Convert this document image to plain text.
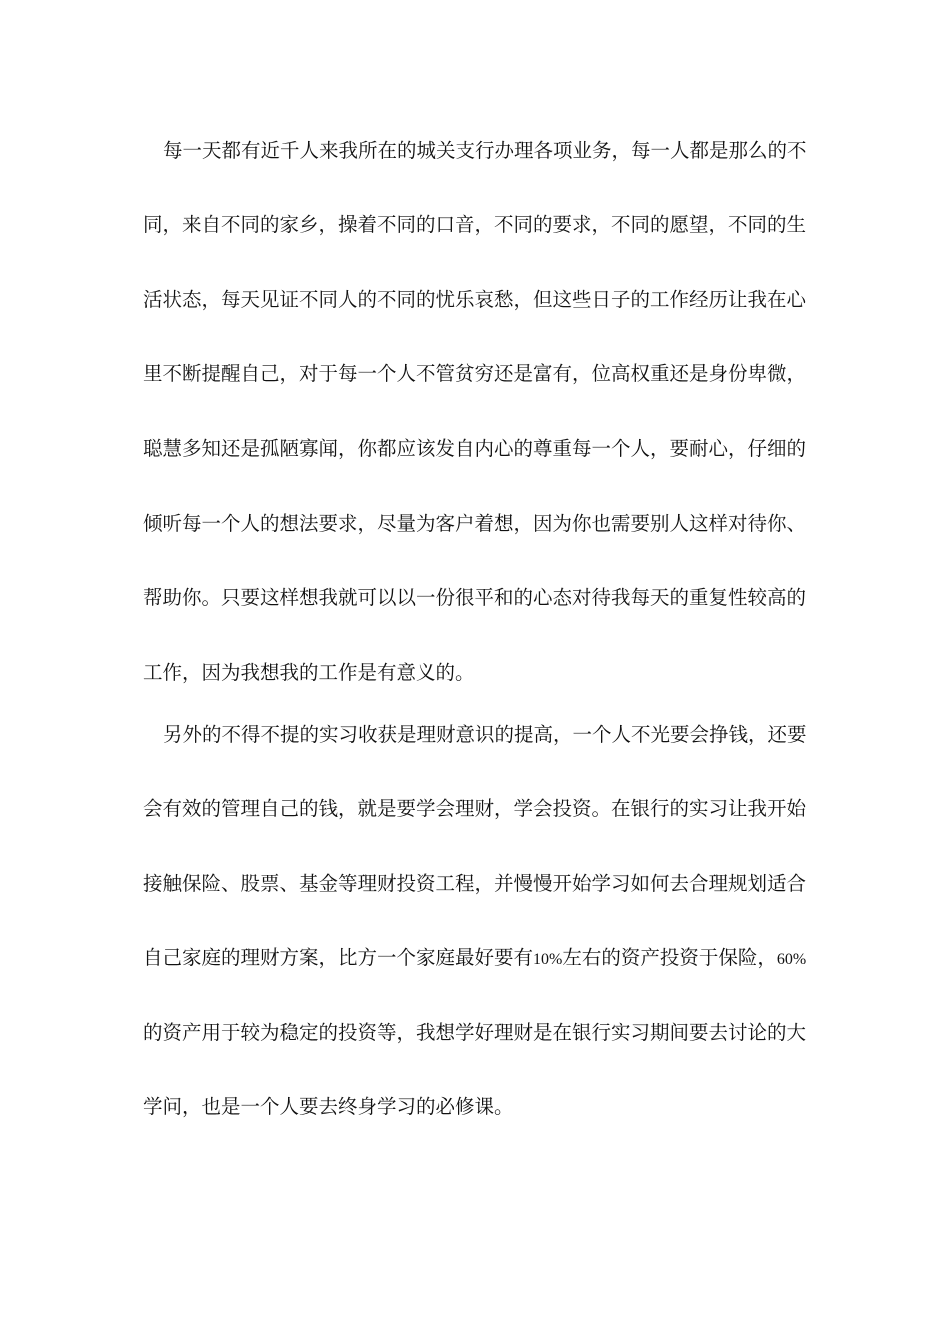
每一天都有近千人来我所在的城关支行办理各项业务，每一人都是那么的不
同，来自不同的家乡，操着不同的口音，不同的要求，不同的愿望，不同的生
活状态，每天见证不同人的不同的忧乐哀愁，但这些日子的工作经历让我在心
里不断提醒自己，对于每一个人不管贫穷还是富有，位高权重还是身份卑微，
聪慧多知还是孤陋寡闻，你都应该发自内心的尊重每一个人，要耐心，仔细的
倾听每一个人的想法要求，尽量为客户着想，因为你也需要别人这样对待你、
帮助你。只要这样想我就可以以一份很平和的心态对待我每天的重复性较高的
工作，因为我想我的工作是有意义的。
另外的不得不提的实习收获是理财意识的提高，一个人不光要会挣钱，还要
会有效的管理自己的钱，就是要学会理财，学会投资。在银行的实习让我开始
接触保险、股票、基金等理财投资工程，并慢慢开始学习如何去合理规划适合
自己家庭的理财方案，比方一个家庭最好要有10%左右的资产投资于保险，60%
的资产用于较为稳定的投资等，我想学好理财是在银行实习期间要去讨论的大
学问，也是一个人要去终身学习的必修课。
